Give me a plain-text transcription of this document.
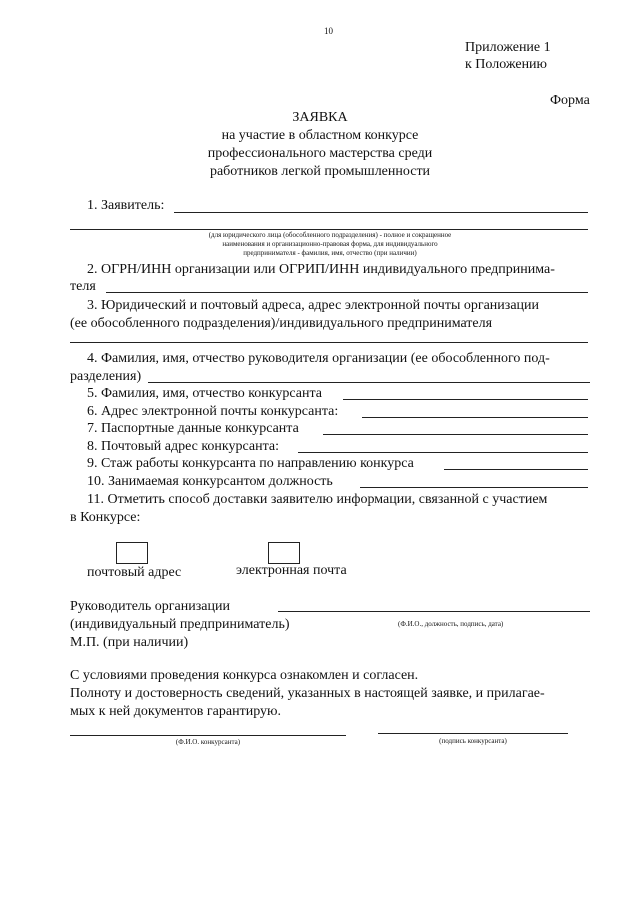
10
Приложение 1
к Положению
Форма
ЗАЯВКА
на участие в областном конкурсе
профессионального мастерства среди
работников легкой промышленности
1. Заявитель:
(для юридического лица (обособленного подразделения) - полное и сокращенное
наименования и организационно-правовая форма, для индивидуального
предпринимателя - фамилия, имя, отчество (при наличии)
2. ОГРН/ИНН организации или ОГРИП/ИНН индивидуального предпринима-
теля
3. Юридический и почтовый адреса, адрес электронной почты организации
(ее обособленного подразделения)/индивидуального предпринимателя
4. Фамилия, имя, отчество руководителя организации (ее обособленного под-
разделения)
5. Фамилия, имя, отчество конкурсанта
6. Адрес электронной почты конкурсанта:
7. Паспортные данные конкурсанта
8. Почтовый адрес конкурсанта:
9. Стаж работы конкурсанта по направлению конкурса
10. Занимаемая конкурсантом должность
11. Отметить способ доставки заявителю информации, связанной с участием
в Конкурсе:
почтовый адрес	электронная почта
Руководитель организации
(индивидуальный предприниматель)	(Ф.И.О., должность, подпись, дата)
М.П. (при наличии)
С условиями проведения конкурса ознакомлен и согласен.
Полноту и достоверность сведений, указанных в настоящей заявке, и прилагае-
мых к ней документов гарантирую.
(Ф.И.О. конкурсанта)	(подпись конкурсанта)
